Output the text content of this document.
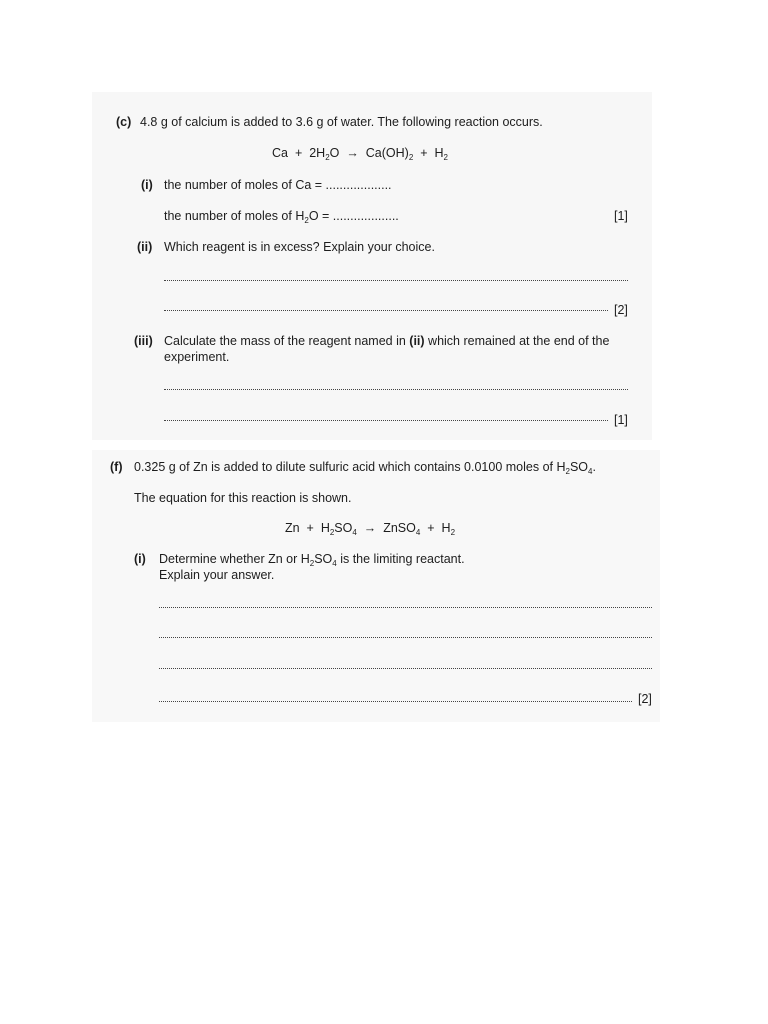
(c) 4.8 g of calcium is added to 3.6 g of water. The following reaction occurs.
$Ca + 2H_2O \to Ca(OH)_2 + H_2$
(i) the number of moles of Ca = ...................
the number of moles of $H_2O$ = ...................	[1]
(ii) Which reagent is in excess? Explain your choice.
[2]
(iii) Calculate the mass of the reagent named in (ii) which remained at the end of the
experiment.
[1]
(f) 0.325 g of Zn is added to dilute sulfuric acid which contains 0.0100 moles of $H_2SO_4$.
The equation for this reaction is shown.
$Zn + H_2SO_4$ → ZnSO$_4$ + $H_2$
(i) Determine whether Zn or $H_2SO_4$ is the limiting reactant.
Explain your answer.
[2]
